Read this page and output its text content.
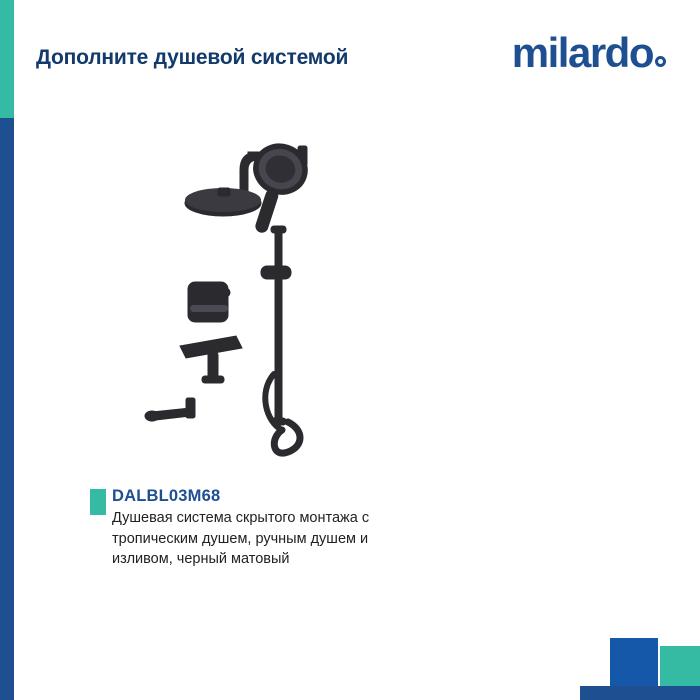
Дополните душевой системой	milardo

DALBL03M68

Душевая система скрытого монтажа с тропическим душем, ручным душем и изливом, черный матовый
